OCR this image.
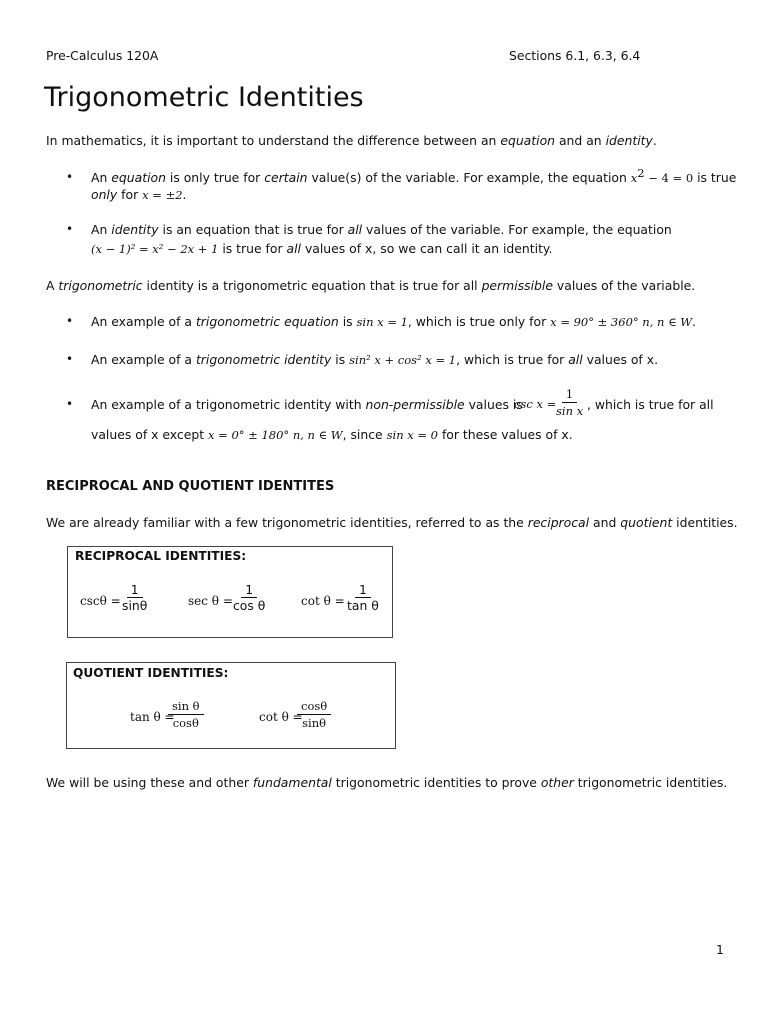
Pre-Calculus 120A	Sections 6.1, 6.3, 6.4
Trigonometric Identities
In mathematics, it is important to understand the difference between an equation and an identity.
• An equation is only true for certain value(s) of the variable. For example, the equation $x^2 - 4 = 0$ is true
only for x = ±2.
• An identity is an equation that is true for all values of the variable. For example, the equation
(x − 1)² = x² − 2x + 1 is true for all values of x, so we can call it an identity.
A trigonometric identity is a trigonometric equation that is true for all permissible values of the variable.
• An example of a trigonometric equation is sin x = 1, which is true only for x = 90° ± 360° n, n ∈ W.
• An example of a trigonometric identity is sin² x + cos² x = 1, which is true for all values of x.
• An example of a trigonometric identity with non-permissible values is
csc x =
$\frac{1}{\text{sin x}}$ , which is true for all
values of x except x = 0° ± 180° n, n ∈ W, since sin x = 0 for these values of x.
RECIPROCAL AND QUOTIENT IDENTITES
We are already familiar with a few trigonometric identities, referred to as the reciprocal and quotient identities.
RECIPROCAL IDENTITIES:
cscθ =
$\frac{1}{\sin\theta}$	sec θ =
$\frac{1}{\text{cos θ}}$	cot θ =
$\frac{1}{\text{tan θ}}$
QUOTIENT IDENTITIES:
tan θ =
$\frac{\text{sin θ}}{\cos\theta}$	cot θ =
$\frac{\cos\theta}{\sin\theta}$
We will be using these and other fundamental trigonometric identities to prove other trigonometric identities.
1
